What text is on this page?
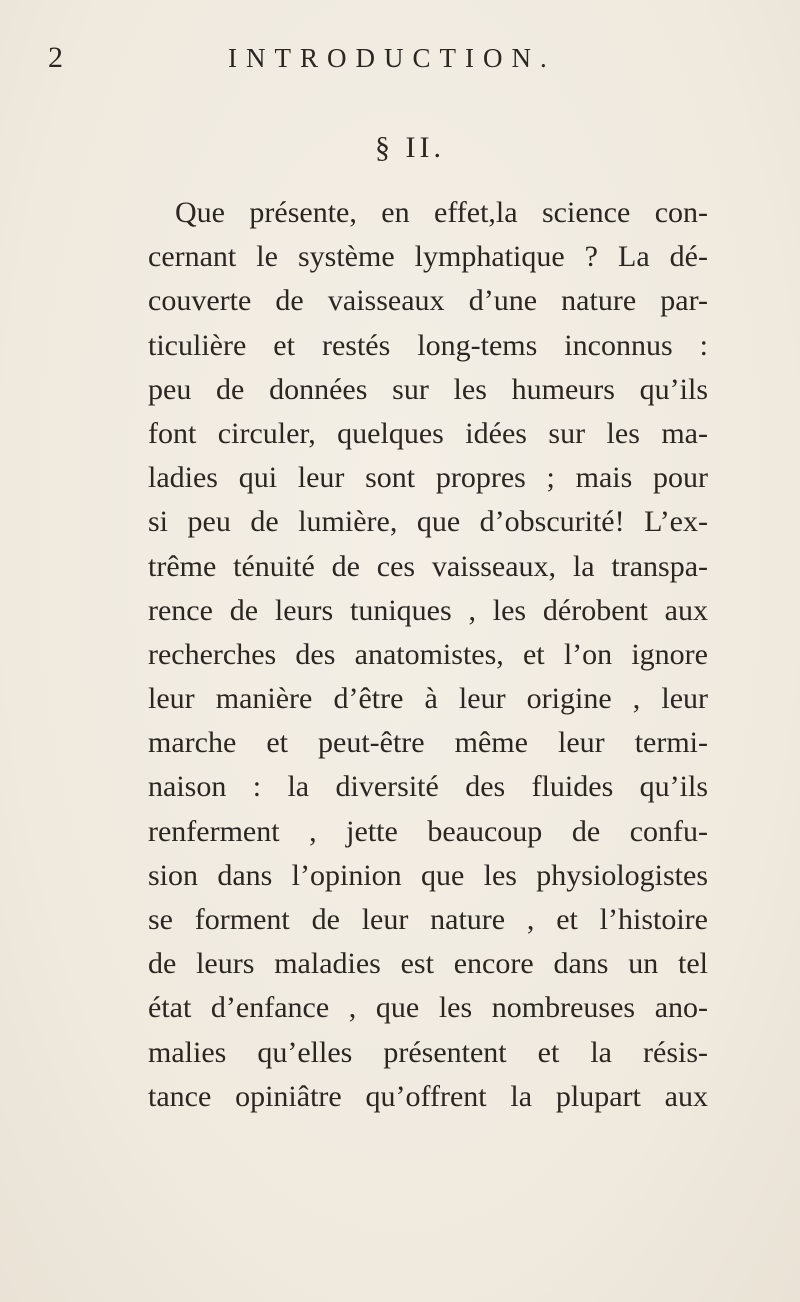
2	INTRODUCTION.
§ II.
Que présente, en effet,la science con-
cernant le système lymphatique ? La dé-
couverte de vaisseaux d’une nature par-
ticulière et restés long-tems inconnus :
peu de données sur les humeurs qu’ils
font circuler, quelques idées sur les ma-
ladies qui leur sont propres ; mais pour
si peu de lumière, que d’obscurité! L’ex-
trême ténuité de ces vaisseaux, la transpa-
rence de leurs tuniques , les dérobent aux
recherches des anatomistes, et l’on ignore
leur manière d’être à leur origine , leur
marche et peut-être même leur termi-
naison : la diversité des fluides qu’ils
renferment , jette beaucoup de confu-
sion dans l’opinion que les physiologistes
se forment de leur nature , et l’histoire
de leurs maladies est encore dans un tel
état d’enfance , que les nombreuses ano-
malies qu’elles présentent et la résis-
tance opiniâtre qu’offrent la plupart aux
